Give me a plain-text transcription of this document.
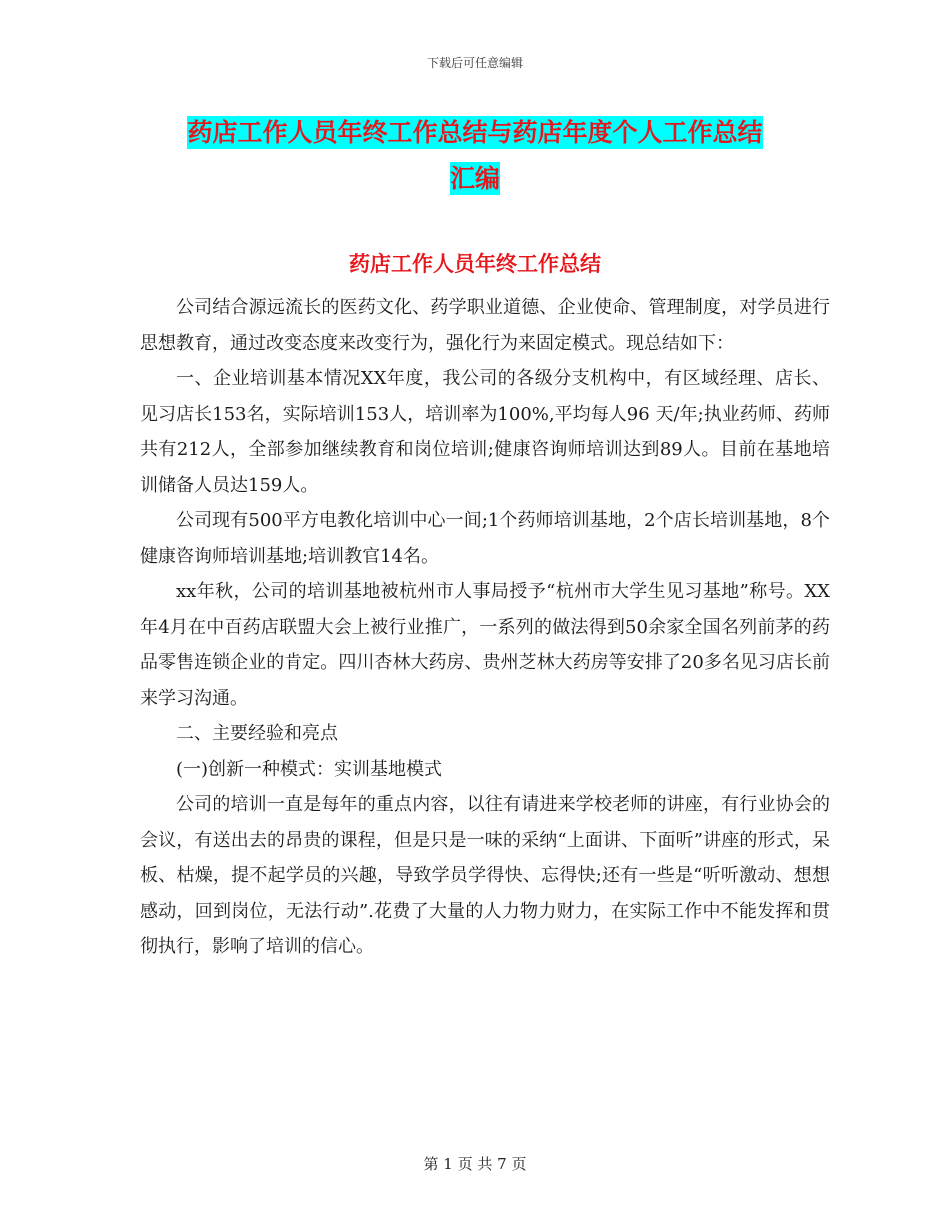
下载后可任意编辑
药店工作人员年终工作总结与药店年度个人工作总结
汇编
药店工作人员年终工作总结

公司结合源远流长的医药文化、药学职业道德、企业使命、管理制度，对学员进行思想教育，通过改变态度来改变行为，强化行为来固定模式。现总结如下：

一、企业培训基本情况XX年度，我公司的各级分支机构中，有区域经理、店长、见习店长153名，实际培训153人，培训率为100%,平均每人96 天/年;执业药师、药师共有212人，全部参加继续教育和岗位培训;健康咨询师培训达到89人。目前在基地培训储备人员达159人。

公司现有500平方电教化培训中心一间;1个药师培训基地，2个店长培训基地，8个健康咨询师培训基地;培训教官14名。

xx年秋，公司的培训基地被杭州市人事局授予“杭州市大学生见习基地”称号。XX年4月在中百药店联盟大会上被行业推广，一系列的做法得到50余家全国名列前茅的药品零售连锁企业的肯定。四川杏林大药房、贵州芝林大药房等安排了20多名见习店长前来学习沟通。

二、主要经验和亮点

(一)创新一种模式：实训基地模式

公司的培训一直是每年的重点内容，以往有请进来学校老师的讲座，有行业协会的会议，有送出去的昂贵的课程，但是只是一味的采纳“上面讲、下面听”讲座的形式，呆板、枯燥，提不起学员的兴趣，导致学员学得快、忘得快;还有一些是“听听激动、想想感动，回到岗位，无法行动”.花费了大量的人力物力财力，在实际工作中不能发挥和贯彻执行，影响了培训的信心。

第 1 页 共 7 页
